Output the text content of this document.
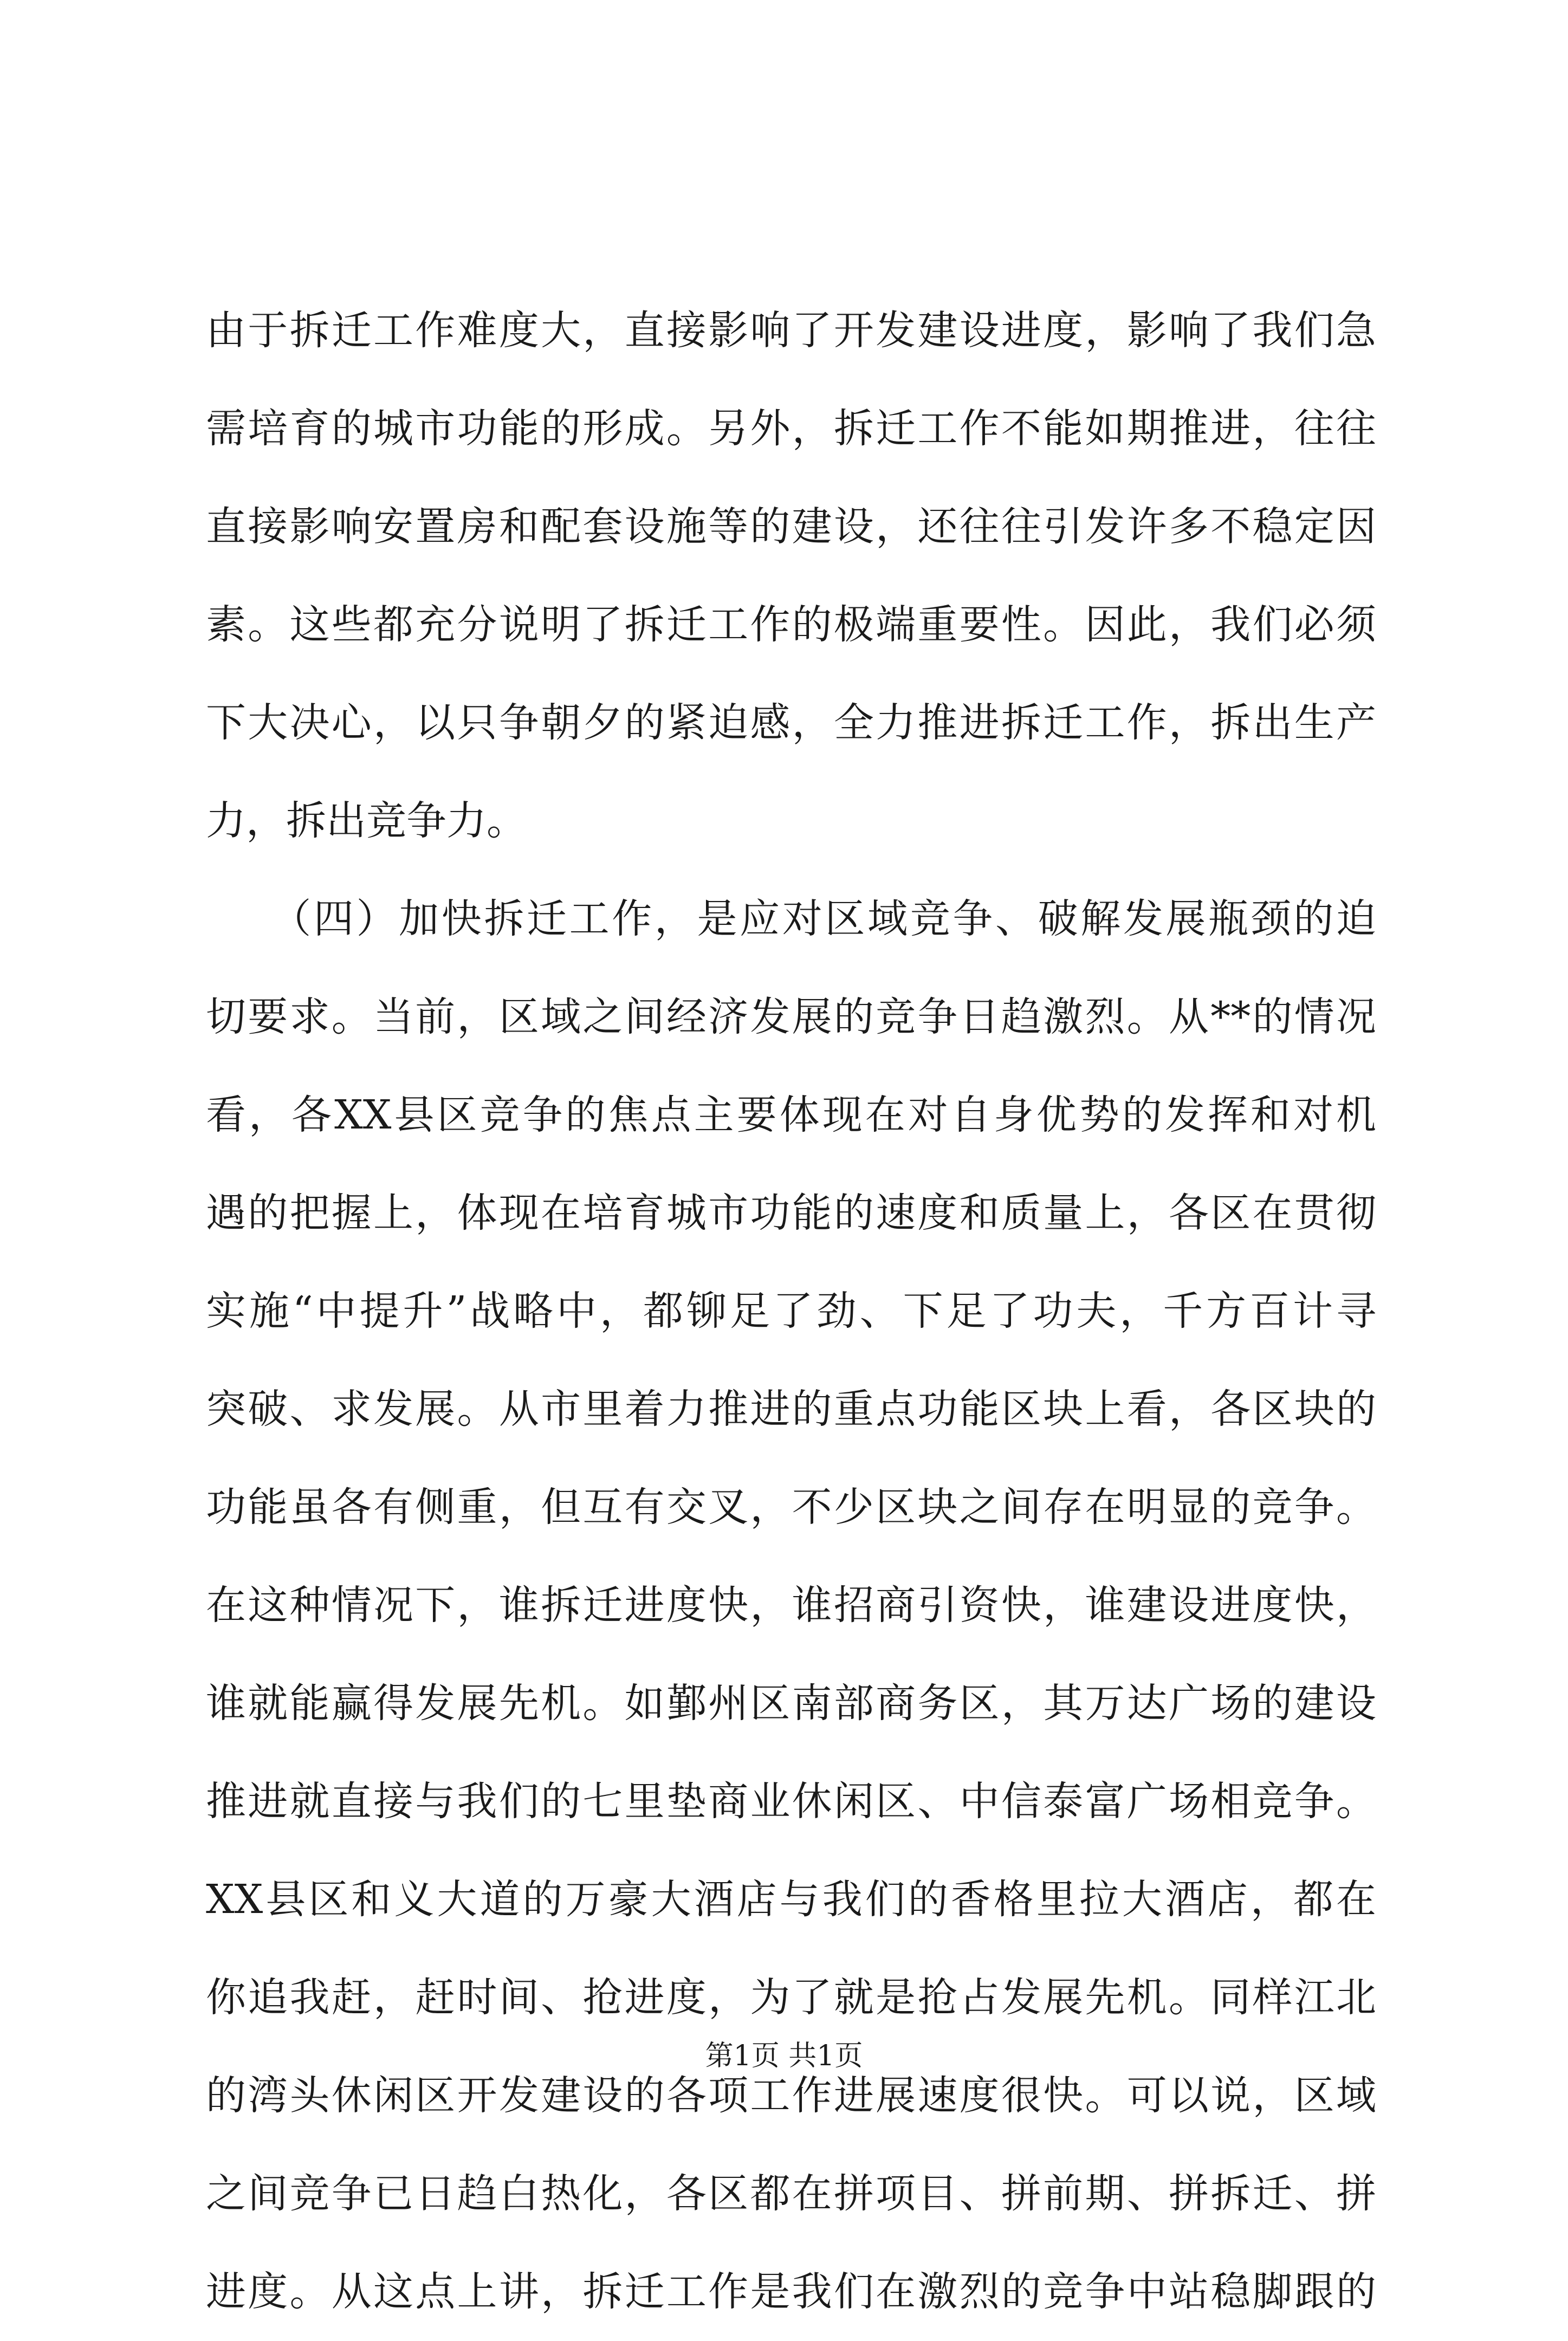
由于拆迁工作难度大，直接影响了开发建设进度，影响了我们急
需培育的城市功能的形成。另外，拆迁工作不能如期推进，往往
直接影响安置房和配套设施等的建设，还往往引发许多不稳定因
素。这些都充分说明了拆迁工作的极端重要性。因此，我们必须
下大决心，以只争朝夕的紧迫感，全力推进拆迁工作，拆出生产
力，拆出竞争力。
　　（四）加快拆迁工作，是应对区域竞争、破解发展瓶颈的迫
切要求。当前，区域之间经济发展的竞争日趋激烈。从**的情况
看，各XX县区竞争的焦点主要体现在对自身优势的发挥和对机
遇的把握上，体现在培育城市功能的速度和质量上，各区在贯彻
实施“中提升”战略中，都铆足了劲、下足了功夫，千方百计寻
突破、求发展。从市里着力推进的重点功能区块上看，各区块的
功能虽各有侧重，但互有交叉，不少区块之间存在明显的竞争。
在这种情况下，谁拆迁进度快，谁招商引资快，谁建设进度快，
谁就能赢得发展先机。如鄞州区南部商务区，其万达广场的建设
推进就直接与我们的七里垫商业休闲区、中信泰富广场相竞争。
XX县区和义大道的万豪大酒店与我们的香格里拉大酒店，都在
你追我赶，赶时间、抢进度，为了就是抢占发展先机。同样江北
的湾头休闲区开发建设的各项工作进展速度很快。可以说，区域
之间竞争已日趋白热化，各区都在拼项目、拼前期、拼拆迁、拼
进度。从这点上讲，拆迁工作是我们在激烈的竞争中站稳脚跟的
第1页 共1页
